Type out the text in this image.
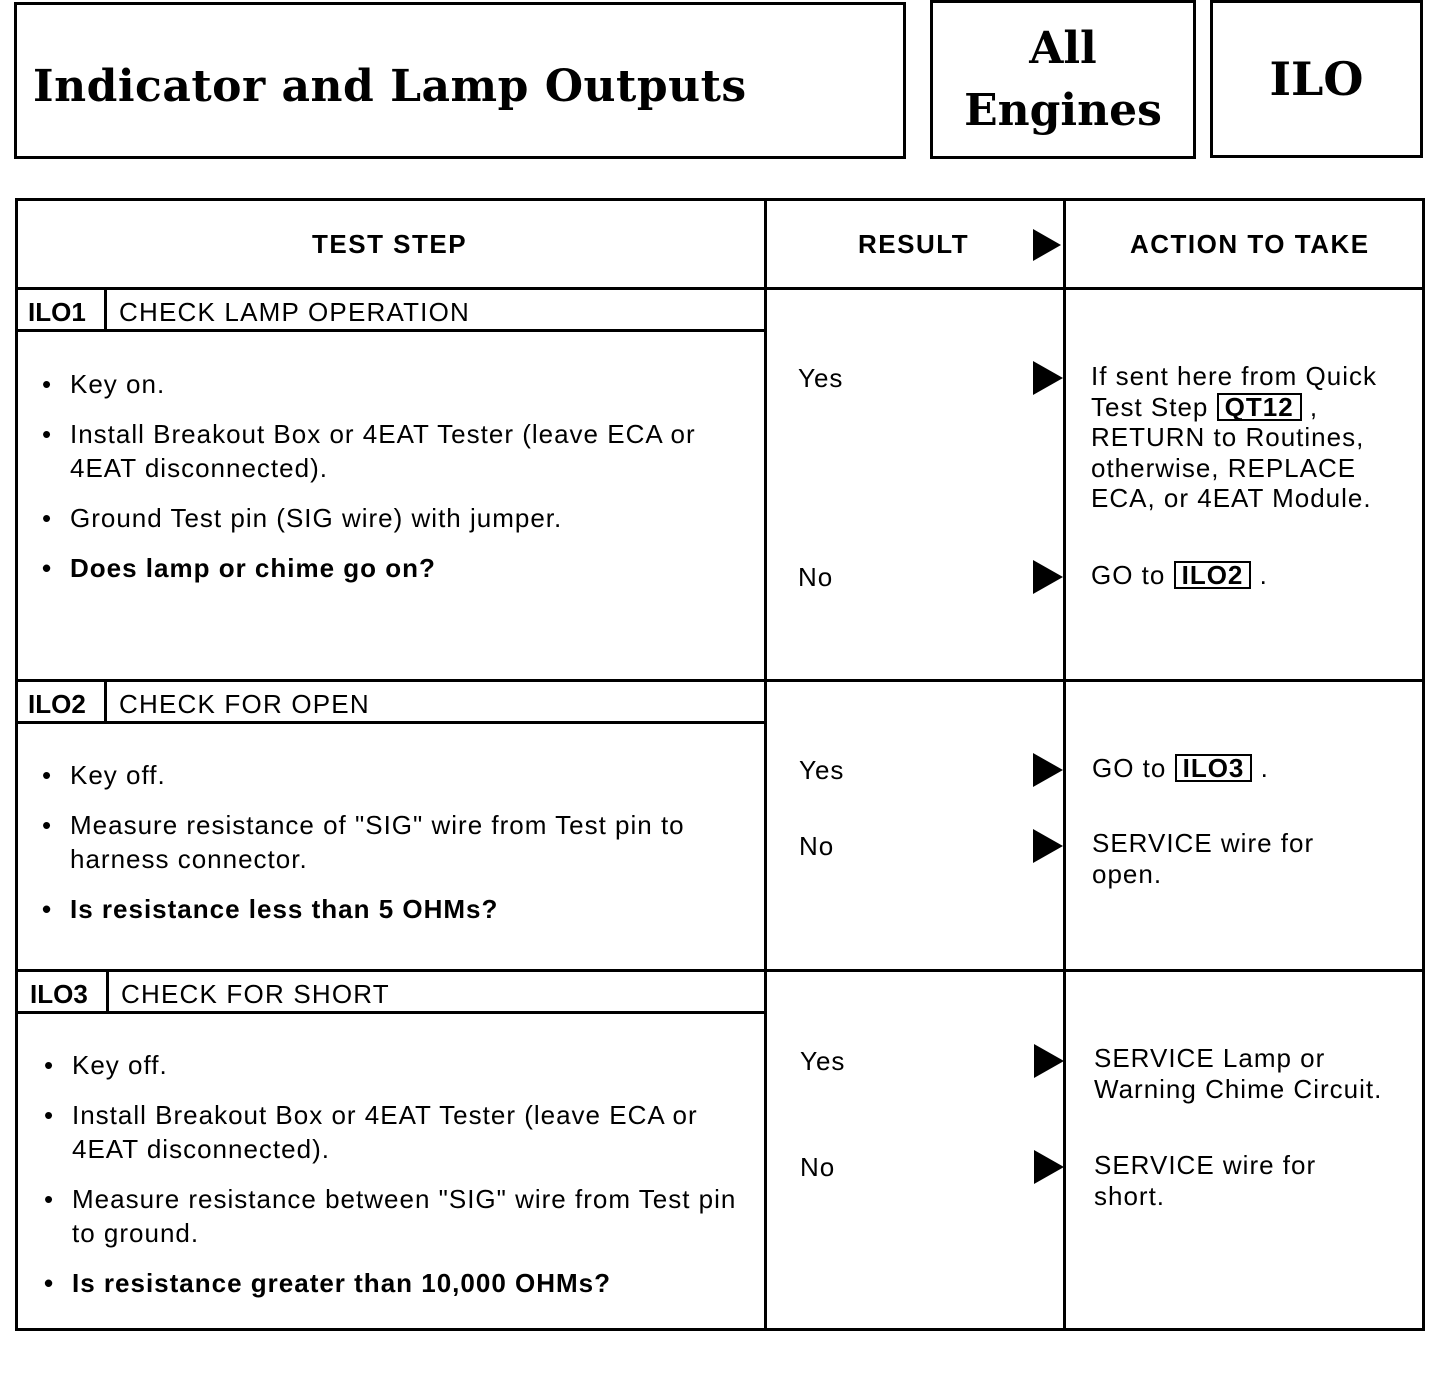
Indicator and Lamp Outputs
All
Engines
ILO
TEST STEP	RESULT	ACTION TO TAKE
ILO1 CHECK LAMP OPERATION
• Key on.
• Install Breakout Box or 4EAT Tester (leave ECA or 4EAT disconnected).
• Ground Test pin (SIG wire) with jumper.
• Does lamp or chime go on?
Yes	If sent here from Quick Test Step QT12 , RETURN to Routines, otherwise, REPLACE ECA, or 4EAT Module.
No	GO to ILO2 .
ILO2 CHECK FOR OPEN
• Key off.
• Measure resistance of "SIG" wire from Test pin to harness connector.
• Is resistance less than 5 OHMs?
Yes	GO to ILO3 .
No	SERVICE wire for open.
ILO3 CHECK FOR SHORT
• Key off.
• Install Breakout Box or 4EAT Tester (leave ECA or 4EAT disconnected).
• Measure resistance between "SIG" wire from Test pin to ground.
• Is resistance greater than 10,000 OHMs?
Yes	SERVICE Lamp or Warning Chime Circuit.
No	SERVICE wire for short.
